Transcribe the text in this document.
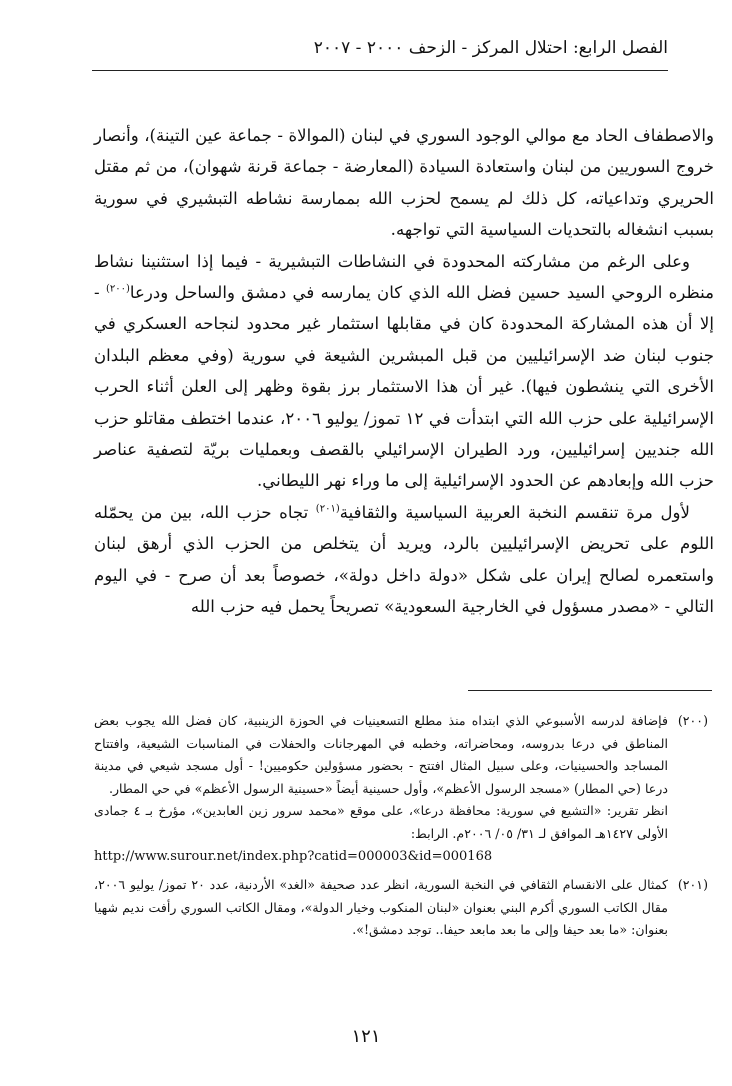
الفصل الرابع: احتلال المركز - الزحف ٢٠٠٠ - ٢٠٠٧

والاصطفاف الحاد مع موالي الوجود السوري في لبنان (الموالاة - جماعة عين التينة)، وأنصار خروج السوريين من لبنان واستعادة السيادة (المعارضة - جماعة قرنة شهوان)، من ثم مقتل الحريري وتداعياته، كل ذلك لم يسمح لحزب الله بممارسة نشاطه التبشيري في سورية بسبب انشغاله بالتحديات السياسية التي تواجهه.

وعلى الرغم من مشاركته المحدودة في النشاطات التبشيرية - فيما إذا استثنينا نشاط منظره الروحي السيد حسين فضل الله الذي كان يمارسه في دمشق والساحل ودرعا$^{(٢٠٠)}$ - إلا أن هذه المشاركة المحدودة كان في مقابلها استثمار غير محدود لنجاحه العسكري في جنوب لبنان ضد الإسرائيليين من قبل المبشرين الشيعة في سورية (وفي معظم البلدان الأخرى التي ينشطون فيها). غير أن هذا الاستثمار برز بقوة وظهر إلى العلن أثناء الحرب الإسرائيلية على حزب الله التي ابتدأت في ١٢ تموز/ يوليو ٢٠٠٦، عندما اختطف مقاتلو حزب الله جنديين إسرائيليين، ورد الطيران الإسرائيلي بالقصف وبعمليات بريّة لتصفية عناصر حزب الله وإبعادهم عن الحدود الإسرائيلية إلى ما وراء نهر الليطاني.

لأول مرة تنقسم النخبة العربية السياسية والثقافية$^{(٢٠١)}$ تجاه حزب الله، بين من يحمّله اللوم على تحريض الإسرائيليين بالرد، ويريد أن يتخلص من الحزب الذي أرهق لبنان واستعمره لصالح إيران على شكل «دولة داخل دولة»، خصوصاً بعد أن صرح - في اليوم التالي - «مصدر مسؤول في الخارجية السعودية» تصريحاً يحمل فيه حزب الله

(٢٠٠)

فإضافة لدرسه الأسبوعي الذي ابتداه منذ مطلع التسعينيات في الحوزة الزينبية، كان فضل الله يجوب بعض المناطق في درعا بدروسه، ومحاضراته، وخطبه في المهرجانات والحفلات في المناسبات الشيعية، وافتتاح المساجد والحسينيات، وعلى سبيل المثال افتتح - بحضور مسؤولين حكوميين! - أول مسجد شيعي في مدينة درعا (حي المطار) «مسجد الرسول الأعظم»، وأول حسينية أيضاً «حسينية الرسول الأعظم» في حي المطار.

انظر تقرير: «التشيع في سورية: محافظة درعا»، على موقع «محمد سرور زين العابدين»، مؤرخ بـ ٤ جمادى الأولى ١٤٢٧هـ الموافق لـ ٣١/ ٠٥/ ٢٠٠٦م. الرابط:

http://www.surour.net/index.php?catid=000003&id=000168

(٢٠١)

كمثال على الانقسام الثقافي في النخبة السورية، انظر عدد صحيفة «الغد» الأردنية، عدد ٢٠ تموز/ يوليو ٢٠٠٦، مقال الكاتب السوري أكرم البني بعنوان «لبنان المنكوب وخيار الدولة»، ومقال الكاتب السوري رأفت نديم شهيا بعنوان: «ما بعد حيفا وإلى ما بعد مابعد حيفا.. توجد دمشق!».

١٢١
